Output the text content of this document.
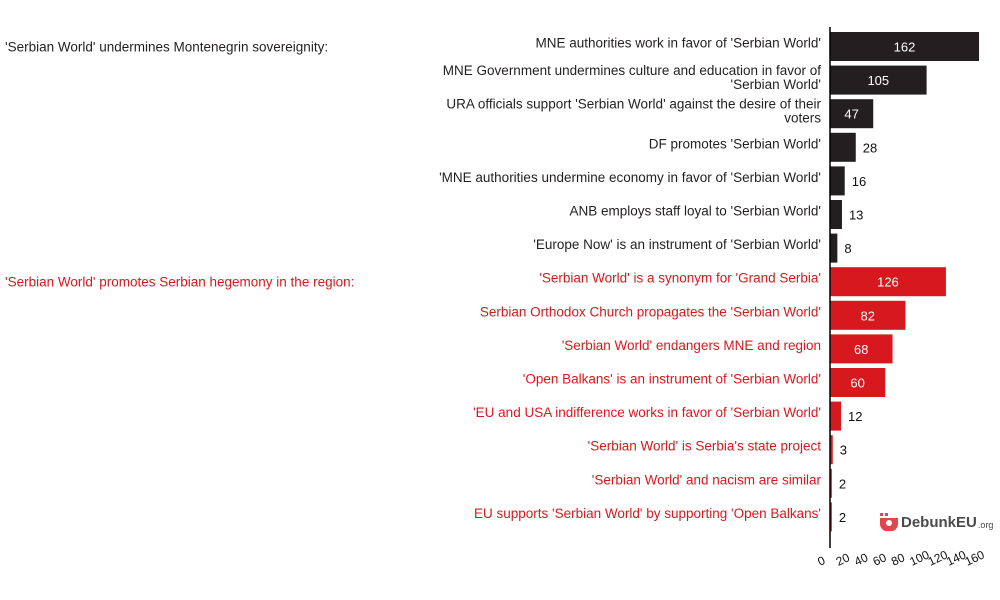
'Serbian World' undermines Montenegrin sovereignity:	MNE authorities work in favor of 'Serbian World'	162
MNE Government undermines culture and education in favor of 'Serbian World'	105
URA officials support 'Serbian World' against the desire of their voters 47
DF promotes 'Serbian World'	28
'MNE authorities undermine economy in favor of 'Serbian World' 16
ANB employs staff loyal to 'Serbian World' 13
'Europe Now' is an instrument of 'Serbian World' 8
'Serbian World' promotes Serbian hegemony in the region:	'Serbian World' is a synonym for 'Grand Serbia'	126
Serbian Orthodox Church propagates the 'Serbian World'	82
'Serbian World' endangers MNE and region	68
'Open Balkans' is an instrument of 'Serbian World' 60
'EU and USA indifference works in favor of 'Serbian World' 12
'Serbian World' is Serbia's state project 3
'Serbian World' and nacism are similar 2
EU supports 'Serbian World' by supporting 'Open Balkans' 2
0 20 40 60 80 100
120
140
160
DebunkEU .org
